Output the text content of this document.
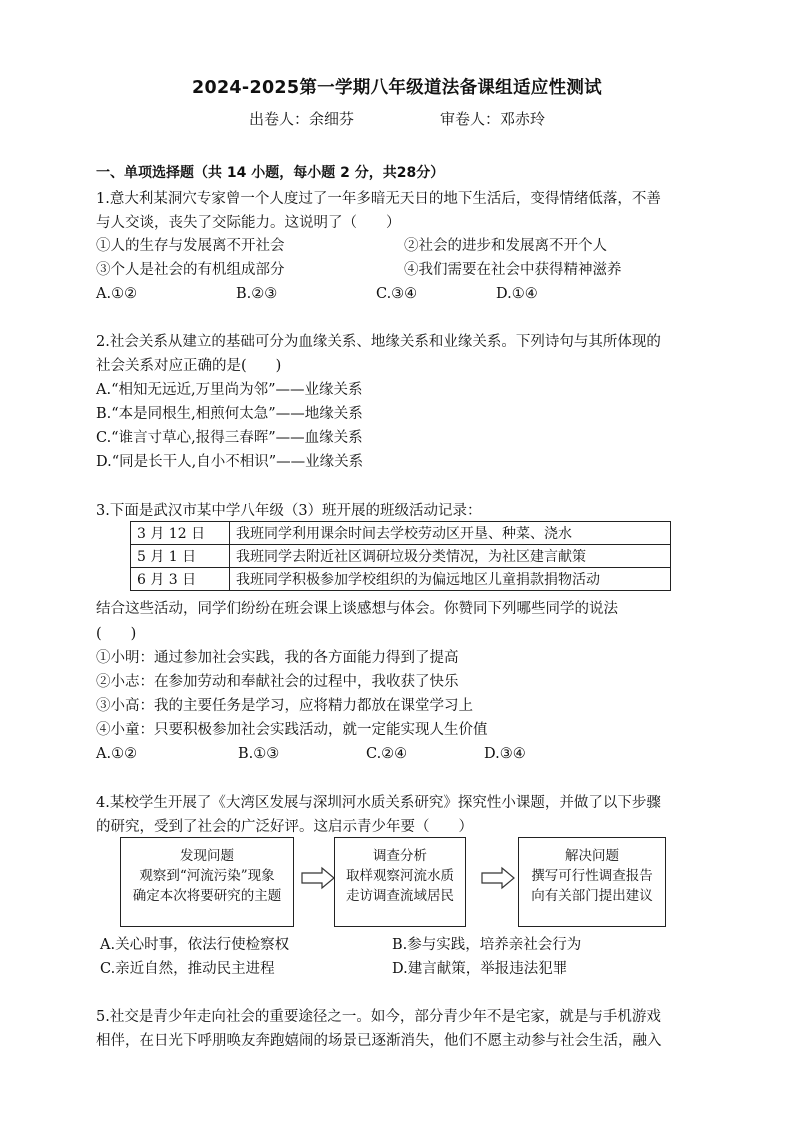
2024-2025第一学期八年级道法备课组适应性测试
出卷人：余细芬	审卷人：邓赤玲
一、单项选择题（共 14 小题，每小题 2 分，共28分）
1.意大利某洞穴专家曾一个人度过了一年多暗无天日的地下生活后，变得情绪低落，不善
与人交谈，丧失了交际能力。这说明了（　　）
①人的生存与发展离不开社会	②社会的进步和发展离不开个人
③个人是社会的有机组成部分	④我们需要在社会中获得精神滋养
A.①②	B.②③	C.③④	D.①④
2.社会关系从建立的基础可分为血缘关系、地缘关系和业缘关系。下列诗句与其所体现的
社会关系对应正确的是(　　)
A.“相知无远近,万里尚为邻”——业缘关系
B.“本是同根生,相煎何太急”——地缘关系
C.“谁言寸草心,报得三春晖”——血缘关系
D.“同是长干人,自小不相识”——业缘关系
3.下面是武汉市某中学八年级（3）班开展的班级活动记录：
3 月 12 日	我班同学利用课余时间去学校劳动区开垦、种菜、浇水
5 月 1 日	我班同学去附近社区调研垃圾分类情况，为社区建言献策
6 月 3 日	我班同学积极参加学校组织的为偏远地区儿童捐款捐物活动
结合这些活动，同学们纷纷在班会课上谈感想与体会。你赞同下列哪些同学的说法
(　　)
①小明：通过参加社会实践，我的各方面能力得到了提高
②小志：在参加劳动和奉献社会的过程中，我收获了快乐
③小高：我的主要任务是学习，应将精力都放在课堂学习上
④小童：只要积极参加社会实践活动，就一定能实现人生价值
A.①②	B.①③	C.②④	D.③④
4.某校学生开展了《大湾区发展与深圳河水质关系研究》探究性小课题，并做了以下步骤
的研究，受到了社会的广泛好评。这启示青少年要（　　）
发现问题
观察到“河流污染”现象
确定本次将要研究的主题
调查分析
取样观察河流水质
走访调查流域居民
解决问题
撰写可行性调查报告
向有关部门提出建议
A.关心时事，依法行使检察权	B.参与实践，培养亲社会行为
C.亲近自然，推动民主进程	D.建言献策，举报违法犯罪
5.社交是青少年走向社会的重要途径之一。如今，部分青少年不是宅家，就是与手机游戏
相伴，在日光下呼朋唤友奔跑嬉闹的场景已逐渐消失，他们不愿主动参与社会生活，融入
